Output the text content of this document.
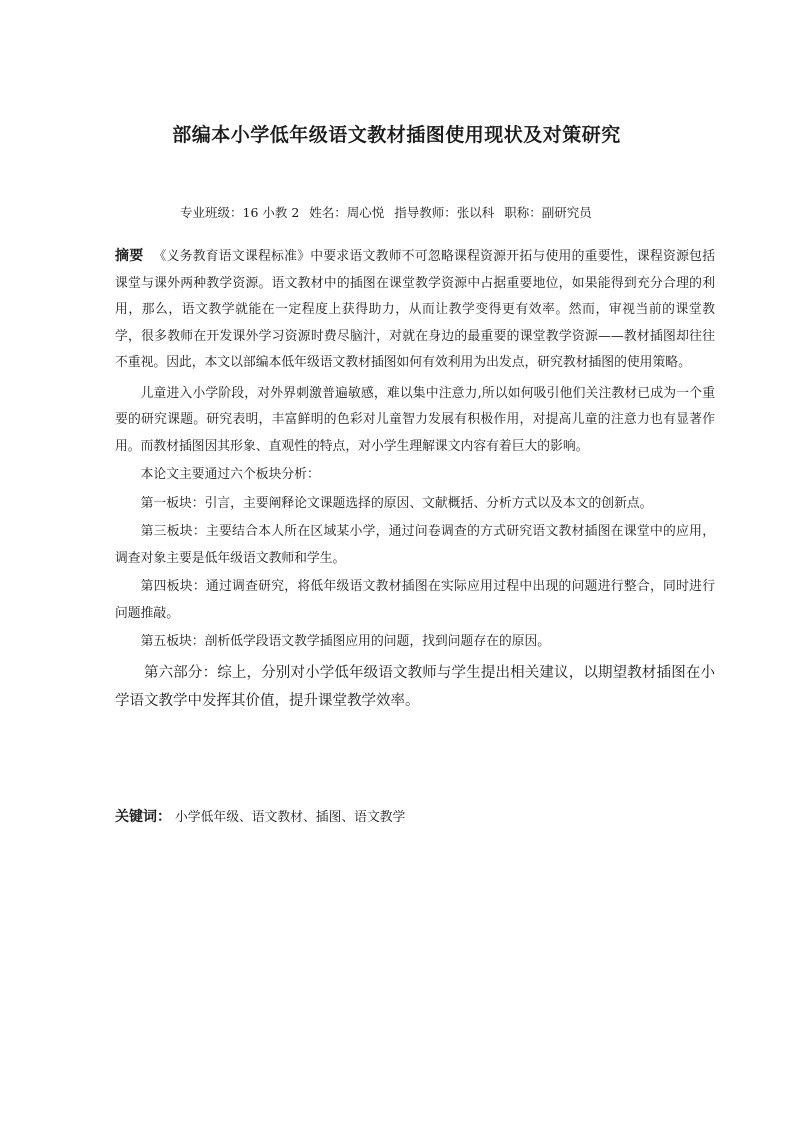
部编本小学低年级语文教材插图使用现状及对策研究
专业班级：16 小教 2 姓名：周心悦 指导教师：张以科 职称：副研究员

摘要 《义务教育语文课程标准》中要求语文教师不可忽略课程资源开拓与使用的重要性，课程资源包括课堂与课外两种教学资源。语文教材中的插图在课堂教学资源中占据重要地位，如果能得到充分合理的利用，那么，语文教学就能在一定程度上获得助力，从而让教学变得更有效率。然而，审视当前的课堂教学，很多教师在开发课外学习资源时费尽脑汁，对就在身边的最重要的课堂教学资源——教材插图却往往不重视。因此，本文以部编本低年级语文教材插图如何有效利用为出发点，研究教材插图的使用策略。

儿童进入小学阶段，对外界刺激普遍敏感，难以集中注意力,所以如何吸引他们关注教材已成为一个重要的研究课题。研究表明，丰富鲜明的色彩对儿童智力发展有积极作用，对提高儿童的注意力也有显著作用。而教材插图因其形象、直观性的特点，对小学生理解课文内容有着巨大的影响。

本论文主要通过六个板块分析：

第一板块：引言，主要阐释论文课题选择的原因、文献概括、分析方式以及本文的创新点。

第三板块：主要结合本人所在区域某小学，通过问卷调查的方式研究语文教材插图在课堂中的应用，调查对象主要是低年级语文教师和学生。

第四板块：通过调查研究，将低年级语文教材插图在实际应用过程中出现的问题进行整合，同时进行问题推敲。

第五板块：剖析低学段语文教学插图应用的问题，找到问题存在的原因。

第六部分：综上，分别对小学低年级语文教师与学生提出相关建议，以期望教材插图在小学语文教学中发挥其价值，提升课堂教学效率。

关键词： 小学低年级、语文教材、插图、语文教学
